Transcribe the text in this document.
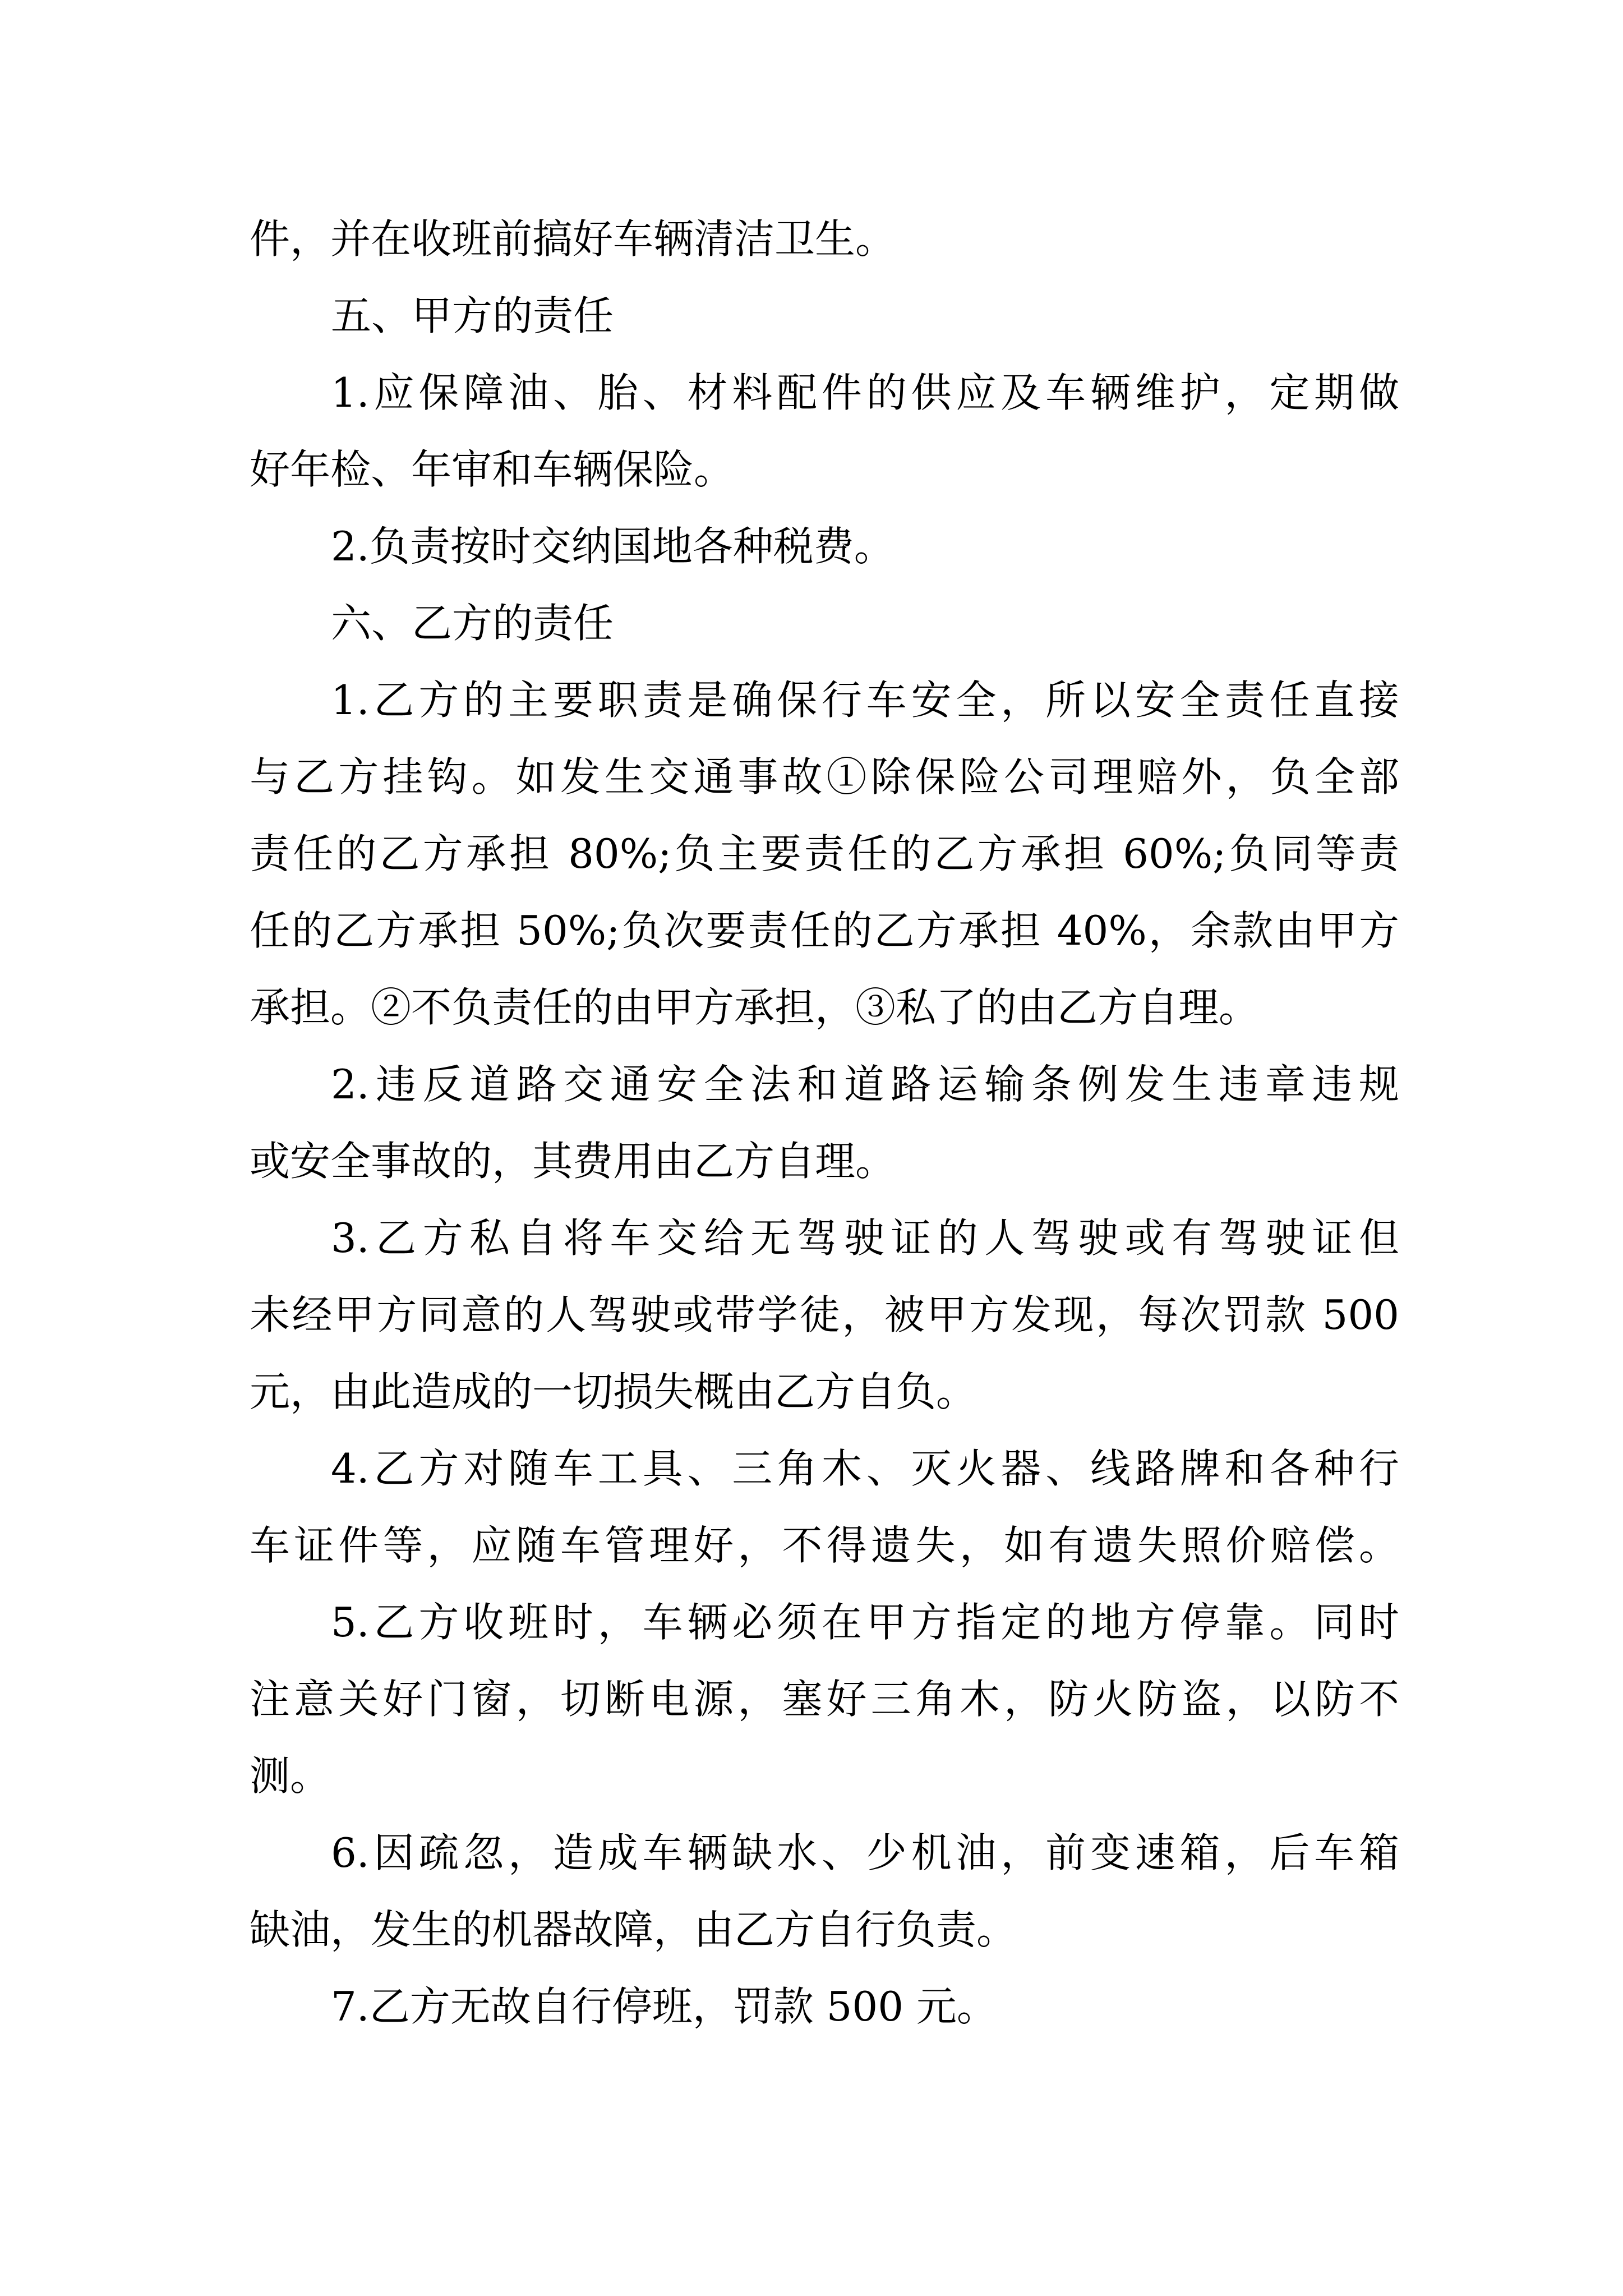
件，并在收班前搞好车辆清洁卫生。
五、甲方的责任
1.应保障油、胎、材料配件的供应及车辆维护，定期做
好年检、年审和车辆保险。
2.负责按时交纳国地各种税费。
六、乙方的责任
1.乙方的主要职责是确保行车安全，所以安全责任直接
与乙方挂钩。如发生交通事故①除保险公司理赔外，负全部
责任的乙方承担 80%;负主要责任的乙方承担 60%;负同等责
任的乙方承担 50%;负次要责任的乙方承担 40%，余款由甲方
承担。②不负责任的由甲方承担，③私了的由乙方自理。
2.违反道路交通安全法和道路运输条例发生违章违规
或安全事故的，其费用由乙方自理。
3.乙方私自将车交给无驾驶证的人驾驶或有驾驶证但
未经甲方同意的人驾驶或带学徒，被甲方发现，每次罚款 500
元，由此造成的一切损失概由乙方自负。
4.乙方对随车工具、三角木、灭火器、线路牌和各种行
车证件等，应随车管理好，不得遗失，如有遗失照价赔偿。
5.乙方收班时，车辆必须在甲方指定的地方停靠。同时
注意关好门窗，切断电源，塞好三角木，防火防盗，以防不
测。
6.因疏忽，造成车辆缺水、少机油，前变速箱，后车箱
缺油，发生的机器故障，由乙方自行负责。
7.乙方无故自行停班，罚款 500 元。
